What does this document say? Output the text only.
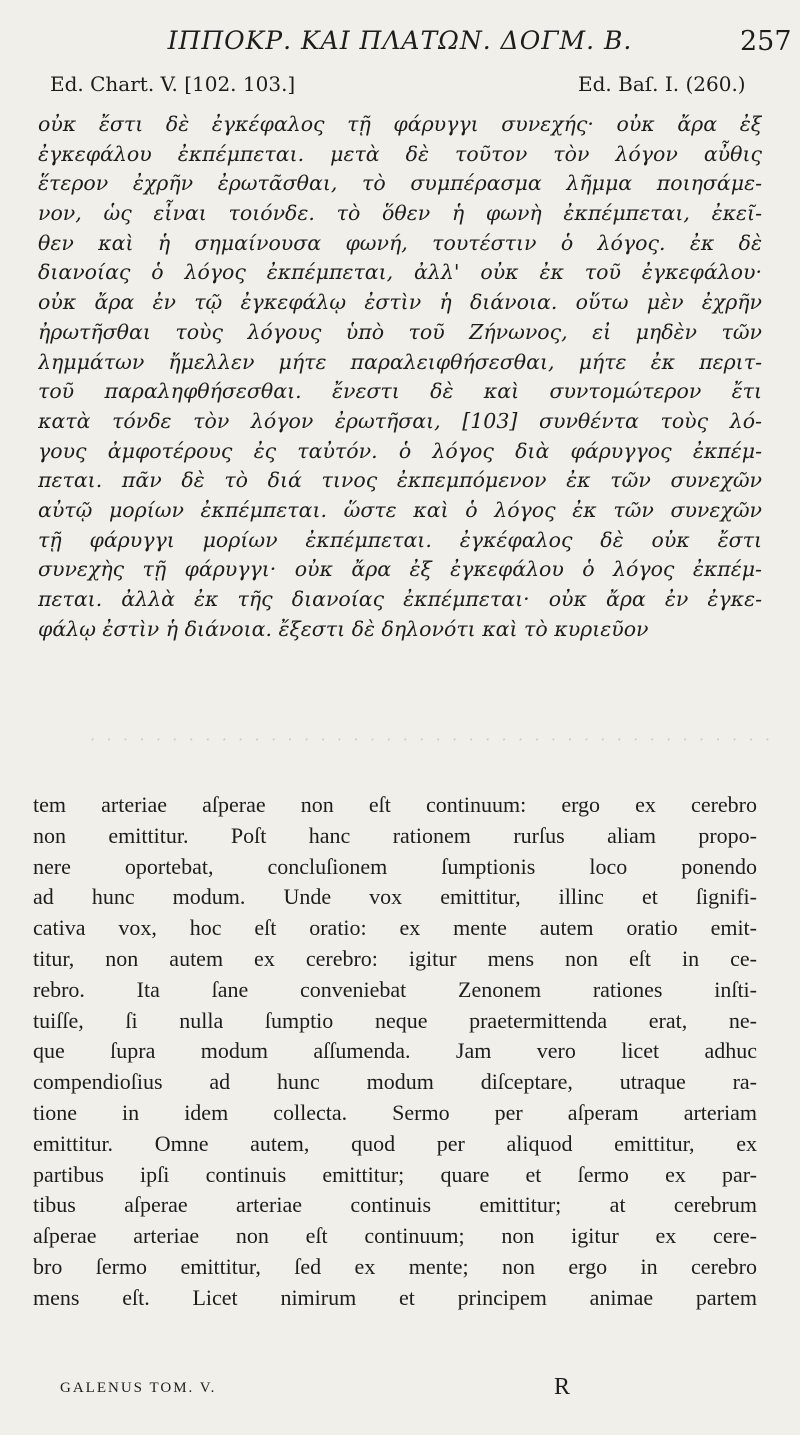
ΙΠΠΟΚΡ. ΚΑΙ ΠΛΑΤΩΝ. ΔΟΓΜ. Β.	257
Ed. Chart. V. [102. 103.]	Ed. Baſ. I. (260.)
οὐκ ἔστι δὲ ἐγκέφαλος τῇ φάρυγγι συνεχής· οὐκ ἄρα ἐξ
ἐγκεφάλου ἐκπέμπεται. μετὰ δὲ τοῦτον τὸν λόγον αὖθις
ἕτερον ἐχρῆν ἐρωτᾶσθαι, τὸ συμπέρασμα λῆμμα ποιησάμε-
νον, ὡς εἶναι τοιόνδε. τὸ ὅθεν ἡ φωνὴ ἐκπέμπεται, ἐκεῖ-
θεν καὶ ἡ σημαίνουσα φωνή, τουτέστιν ὁ λόγος. ἐκ δὲ
διανοίας ὁ λόγος ἐκπέμπεται, ἀλλ' οὐκ ἐκ τοῦ ἐγκεφάλου·
οὐκ ἄρα ἐν τῷ ἐγκεφάλῳ ἐστὶν ἡ διάνοια. οὕτω μὲν ἐχρῆν
ἠρωτῆσθαι τοὺς λόγους ὑπὸ τοῦ Ζήνωνος, εἰ μηδὲν τῶν
λημμάτων ἤμελλεν μήτε παραλειφθήσεσθαι, μήτε ἐκ περιτ-
τοῦ παραληφθήσεσθαι. ἔνεστι δὲ καὶ συντομώτερον ἔτι
κατὰ τόνδε τὸν λόγον ἐρωτῆσαι, [103] συνθέντα τοὺς λό-
γους ἀμφοτέρους ἐς ταὐτόν. ὁ λόγος διὰ φάρυγγος ἐκπέμ-
πεται. πᾶν δὲ τὸ διά τινος ἐκπεμπόμενον ἐκ τῶν συνεχῶν
αὐτῷ μορίων ἐκπέμπεται. ὥστε καὶ ὁ λόγος ἐκ τῶν συνεχῶν
τῇ φάρυγγι μορίων ἐκπέμπεται. ἐγκέφαλος δὲ οὐκ ἔστι
συνεχὴς τῇ φάρυγγι· οὐκ ἄρα ἐξ ἐγκεφάλου ὁ λόγος ἐκπέμ-
πεται. ἀλλὰ ἐκ τῆς διανοίας ἐκπέμπεται· οὐκ ἄρα ἐν ἐγκε-
φάλῳ ἐστὶν ἡ διάνοια. ἔξεστι δὲ δηλονότι καὶ τὸ κυριεῦον
· · · · · · · · · · · · · · · · · · · · · · · · · · · · · · · · · · · · · · · · · ·
tem arteriae aſperae non eſt continuum: ergo ex cerebro
non emittitur. Poſt hanc rationem rurſus aliam propo-
nere oportebat, concluſionem ſumptionis loco ponendo
ad hunc modum. Unde vox emittitur, illinc et ſignifi-
cativa vox, hoc eſt oratio: ex mente autem oratio emit-
titur, non autem ex cerebro: igitur mens non eſt in ce-
rebro. Ita ſane conveniebat Zenonem rationes inſti-
tuiſſe, ſi nulla ſumptio neque praetermittenda erat, ne-
que ſupra modum aſſumenda. Jam vero licet adhuc
compendioſius ad hunc modum diſceptare, utraque ra-
tione in idem collecta. Sermo per aſperam arteriam
emittitur. Omne autem, quod per aliquod emittitur, ex
partibus ipſi continuis emittitur; quare et ſermo ex par-
tibus aſperae arteriae continuis emittitur; at cerebrum
aſperae arteriae non eſt continuum; non igitur ex cere-
bro ſermo emittitur, ſed ex mente; non ergo in cerebro
mens eſt. Licet nimirum et principem animae partem
GALENUS TOM. V.	R
